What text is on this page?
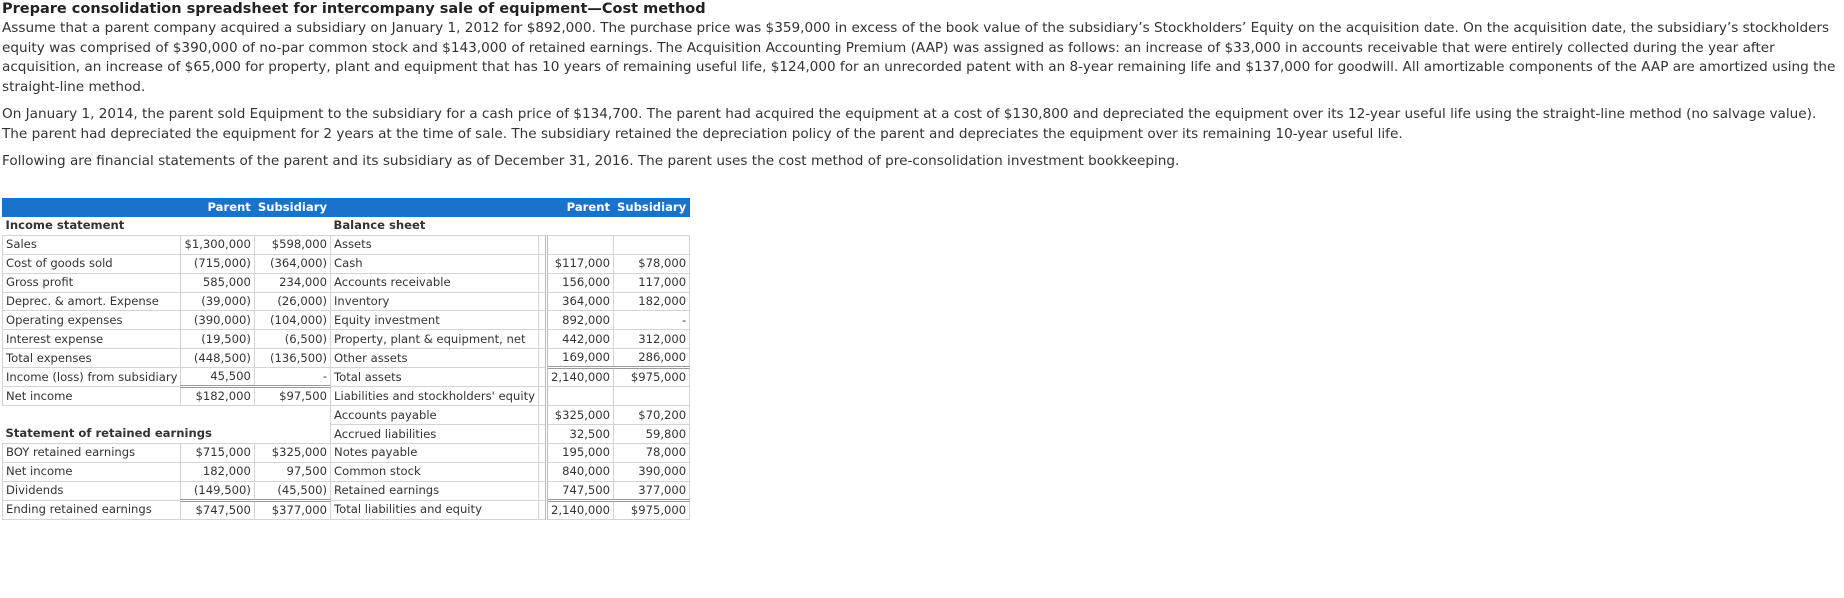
Prepare consolidation spreadsheet for intercompany sale of equipment—Cost method

Assume that a parent company acquired a subsidiary on January 1, 2012 for $892,000. The purchase price was $359,000 in excess of the book value of the subsidiary’s Stockholders’ Equity on the acquisition date. On the acquisition date, the subsidiary’s stockholders equity was comprised of $390,000 of no-par common stock and $143,000 of retained earnings. The Acquisition Accounting Premium (AAP) was assigned as follows: an increase of $33,000 in accounts receivable that were entirely collected during the year after acquisition, an increase of $65,000 for property, plant and equipment that has 10 years of remaining useful life, $124,000 for an unrecorded patent with an 8-year remaining life and $137,000 for goodwill. All amortizable components of the AAP are amortized using the straight-line method.

On January 1, 2014, the parent sold Equipment to the subsidiary for a cash price of $134,700. The parent had acquired the equipment at a cost of $130,800 and depreciated the equipment over its 12-year useful life using the straight-line method (no salvage value). The parent had depreciated the equipment for 2 years at the time of sale. The subsidiary retained the depreciation policy of the parent and depreciates the equipment over its remaining 10-year useful life.

Following are financial statements of the parent and its subsidiary as of December 31, 2016. The parent uses the cost method of pre-consolidation investment bookkeeping.

	Parent	Subsidiary			Parent	Subsidiary
Income statement			Balance sheet			
Sales	$1,300,000	$598,000	Assets			
Cost of goods sold	(715,000)	(364,000)	Cash		$117,000	$78,000
Gross profit	585,000	234,000	Accounts receivable		156,000	117,000
Deprec. & amort. Expense	(39,000)	(26,000)	Inventory		364,000	182,000
Operating expenses	(390,000)	(104,000)	Equity investment		892,000	-
Interest expense	(19,500)	(6,500)	Property, plant & equipment, net		442,000	312,000
Total expenses	(448,500)	(136,500)	Other assets		169,000	286,000
Income (loss) from subsidiary	45,500	-	Total assets		2,140,000	$975,000
Net income	$182,000	$97,500	Liabilities and stockholders' equity			
			Accounts payable		$325,000	$70,200
Statement of retained earnings			Accrued liabilities		32,500	59,800
BOY retained earnings	$715,000	$325,000	Notes payable		195,000	78,000
Net income	182,000	97,500	Common stock		840,000	390,000
Dividends	(149,500)	(45,500)	Retained earnings		747,500	377,000
Ending retained earnings	$747,500	$377,000	Total liabilities and equity		2,140,000	$975,000
